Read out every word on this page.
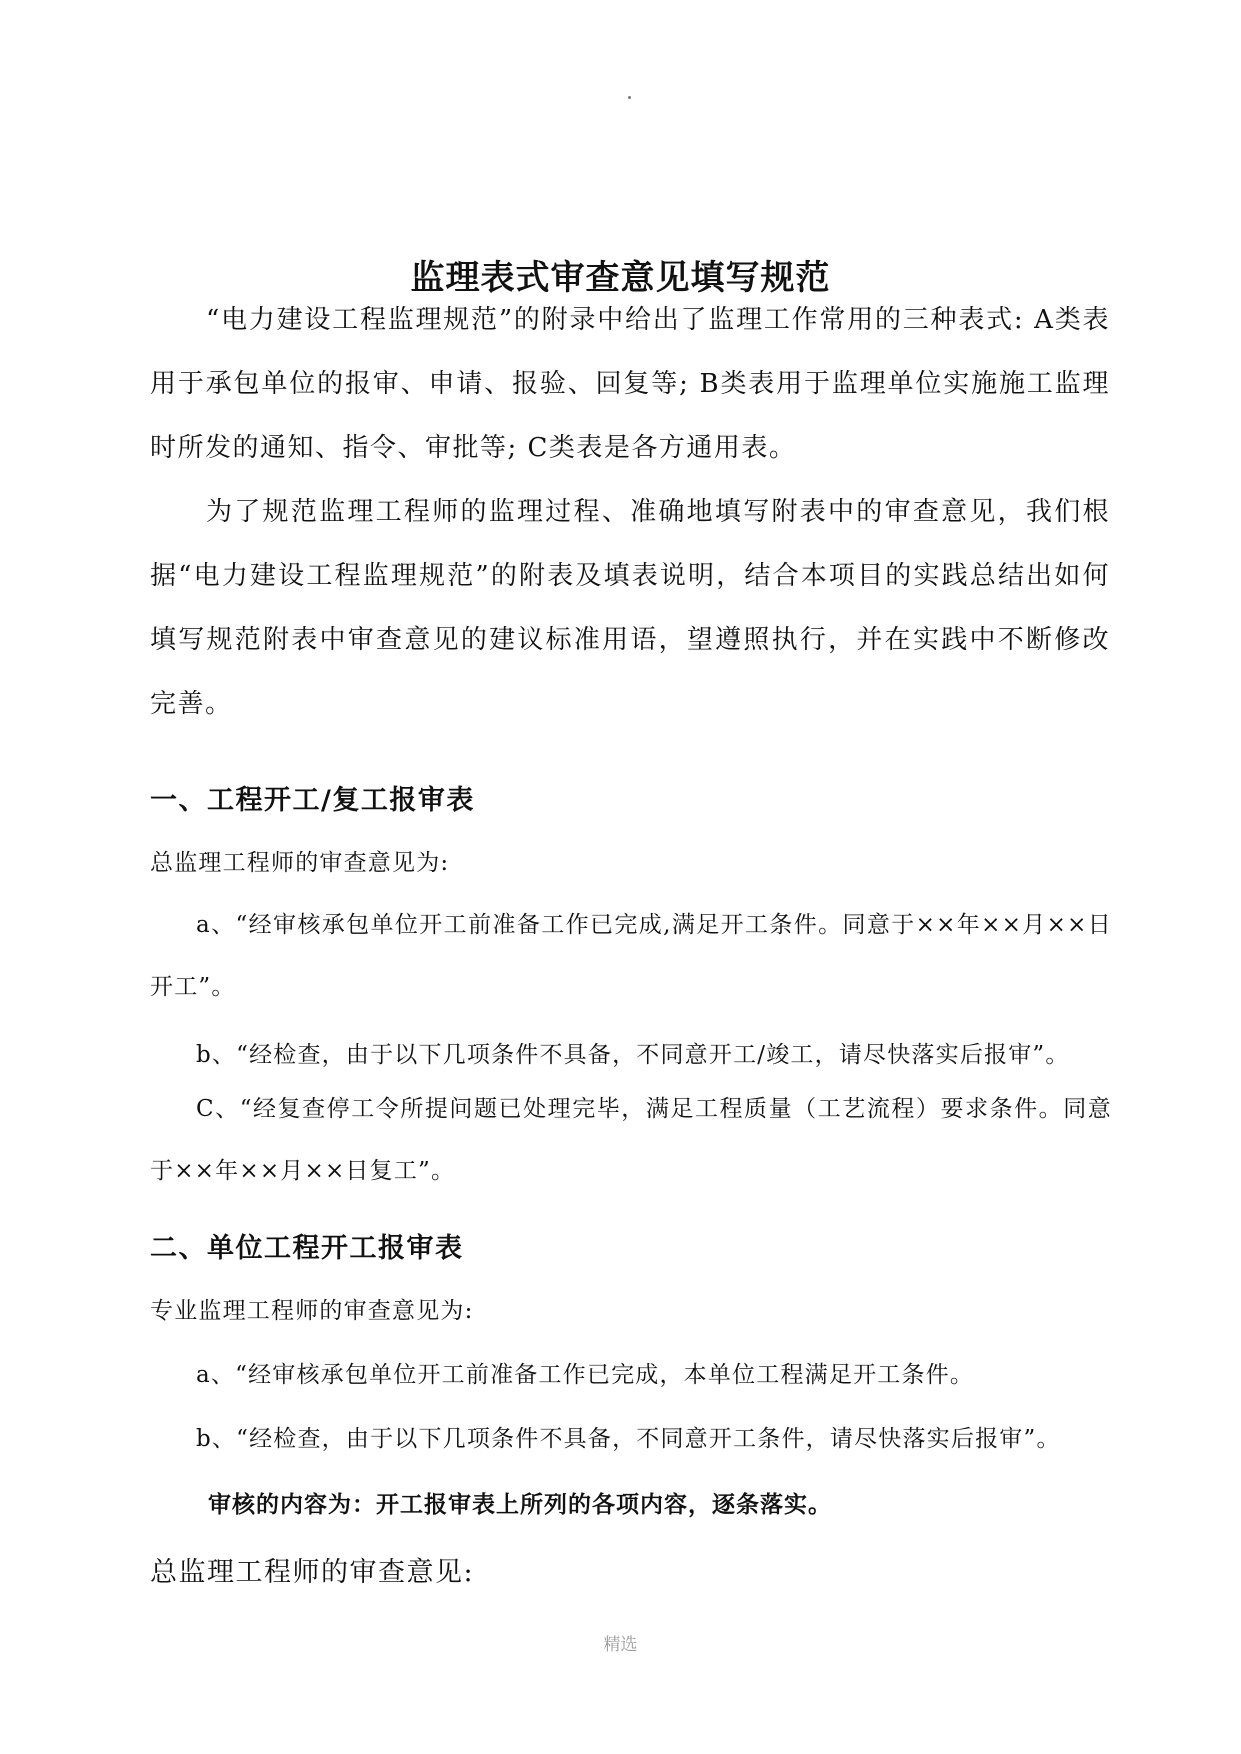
监理表式审查意见填写规范
“电力建设工程监理规范”的附录中给出了监理工作常用的三种表式: A类表用于承包单位的报审、申请、报验、回复等; B类表用于监理单位实施施工监理时所发的通知、指令、审批等; C类表是各方通用表。
为了规范监理工程师的监理过程、准确地填写附表中的审查意见，我们根据“电力建设工程监理规范”的附表及填表说明，结合本项目的实践总结出如何填写规范附表中审查意见的建议标准用语，望遵照执行，并在实践中不断修改完善。
一、工程开工/复工报审表
总监理工程师的审查意见为:
a、“经审核承包单位开工前准备工作已完成,满足开工条件。同意于××年××月××日开工”。
b、“经检查，由于以下几项条件不具备，不同意开工/竣工，请尽快落实后报审”。
C、“经复查停工令所提问题已处理完毕，满足工程质量（工艺流程）要求条件。同意于××年××月××日复工”。
二、单位工程开工报审表
专业监理工程师的审查意见为:
a、“经审核承包单位开工前准备工作已完成，本单位工程满足开工条件。
b、“经检查，由于以下几项条件不具备，不同意开工条件，请尽快落实后报审”。
审核的内容为：开工报审表上所列的各项内容，逐条落实。
总监理工程师的审查意见:
精选
